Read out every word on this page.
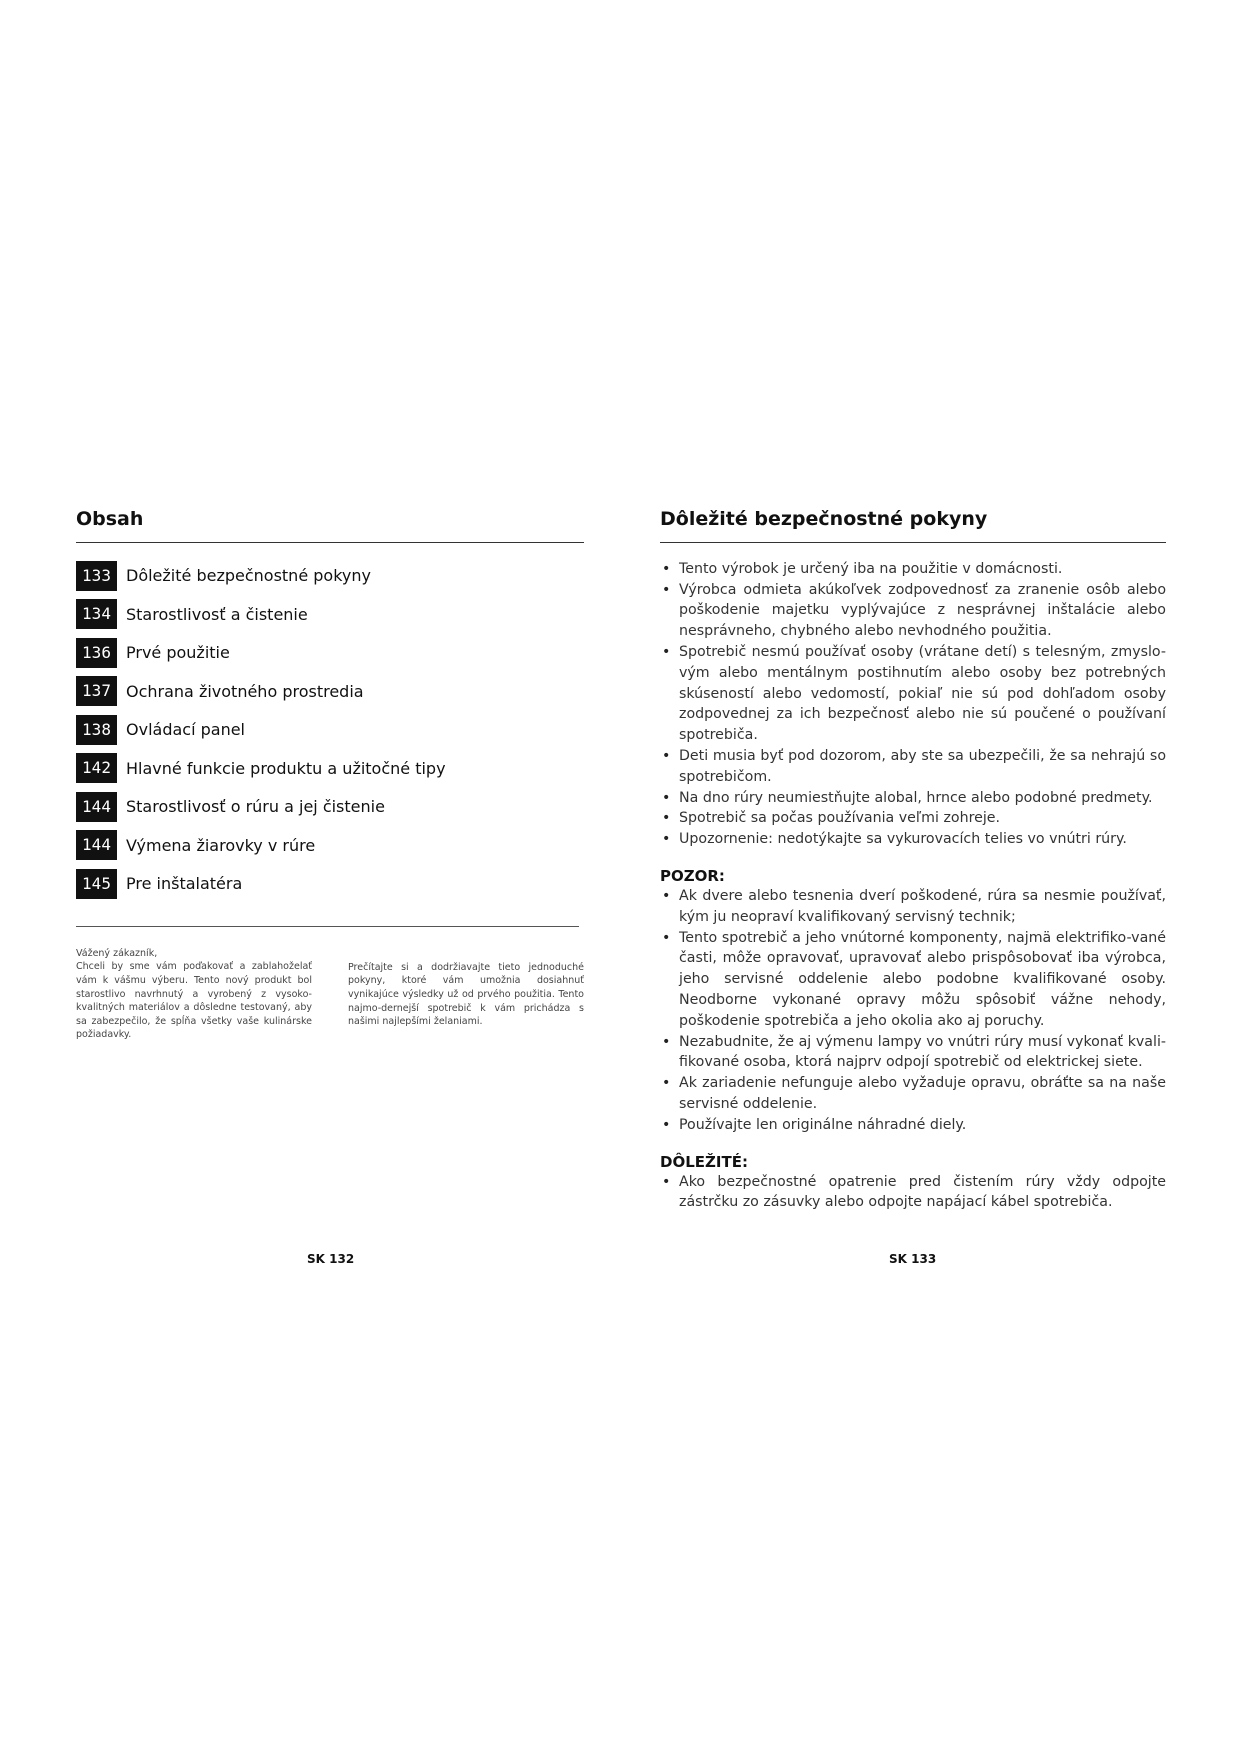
Obsah
133 Dôležité bezpečnostné pokyny
134 Starostlivosť a čistenie
136 Prvé použitie
137 Ochrana životného prostredia
138 Ovládací panel
142 Hlavné funkcie produktu a užitočné tipy
144 Starostlivosť o rúru a jej čistenie
144 Výmena žiarovky v rúre
145 Pre inštalatéra

Vážený zákazník,

Chceli by sme vám poďakovať a zablahoželať vám k vášmu výberu. Tento nový produkt bol starostlivo navrhnutý a vyrobený z vysoko-kvalitných materiálov a dôsledne testovaný, aby sa zabezpečilo, že spĺňa všetky vaše kulinárske požiadavky.

Prečítajte si a dodržiavajte tieto jednoduché pokyny, ktoré vám umožnia dosiahnuť vynikajúce výsledky už od prvého použitia. Tento najmo-dernejší spotrebič k vám prichádza s našimi najlepšími želaniami.

Dôležité bezpečnostné pokyny
• Tento výrobok je určený iba na použitie v domácnosti.
• Výrobca odmieta akúkoľvek zodpovednosť za zranenie osôb alebo poškodenie majetku vyplývajúce z nesprávnej inštalácie alebo nesprávneho, chybného alebo nevhodného použitia.
• Spotrebič nesmú používať osoby (vrátane detí) s telesným, zmyslo-vým alebo mentálnym postihnutím alebo osoby bez potrebných skúseností alebo vedomostí, pokiaľ nie sú pod dohľadom osoby zodpovednej za ich bezpečnosť alebo nie sú poučené o používaní spotrebiča.
• Deti musia byť pod dozorom, aby ste sa ubezpečili, že sa nehrajú so spotrebičom.
• Na dno rúry neumiestňujte alobal, hrnce alebo podobné predmety.
• Spotrebič sa počas používania veľmi zohreje.
• Upozornenie: nedotýkajte sa vykurovacích telies vo vnútri rúry.
POZOR:
• Ak dvere alebo tesnenia dverí poškodené, rúra sa nesmie používať, kým ju neopraví kvalifikovaný servisný technik;
• Tento spotrebič a jeho vnútorné komponenty, najmä elektrifiko-vané časti, môže opravovať, upravovať alebo prispôsobovať iba výrobca, jeho servisné oddelenie alebo podobne kvalifikované osoby. Neodborne vykonané opravy môžu spôsobiť vážne nehody, poškodenie spotrebiča a jeho okolia ako aj poruchy.
• Nezabudnite, že aj výmenu lampy vo vnútri rúry musí vykonať kvali-fikované osoba, ktorá najprv odpojí spotrebič od elektrickej siete.
• Ak zariadenie nefunguje alebo vyžaduje opravu, obráťte sa na naše servisné oddelenie.
• Používajte len originálne náhradné diely.
DÔLEŽITÉ:
• Ako bezpečnostné opatrenie pred čistením rúry vždy odpojte zástrčku zo zásuvky alebo odpojte napájací kábel spotrebiča.
SK 132	SK 133
